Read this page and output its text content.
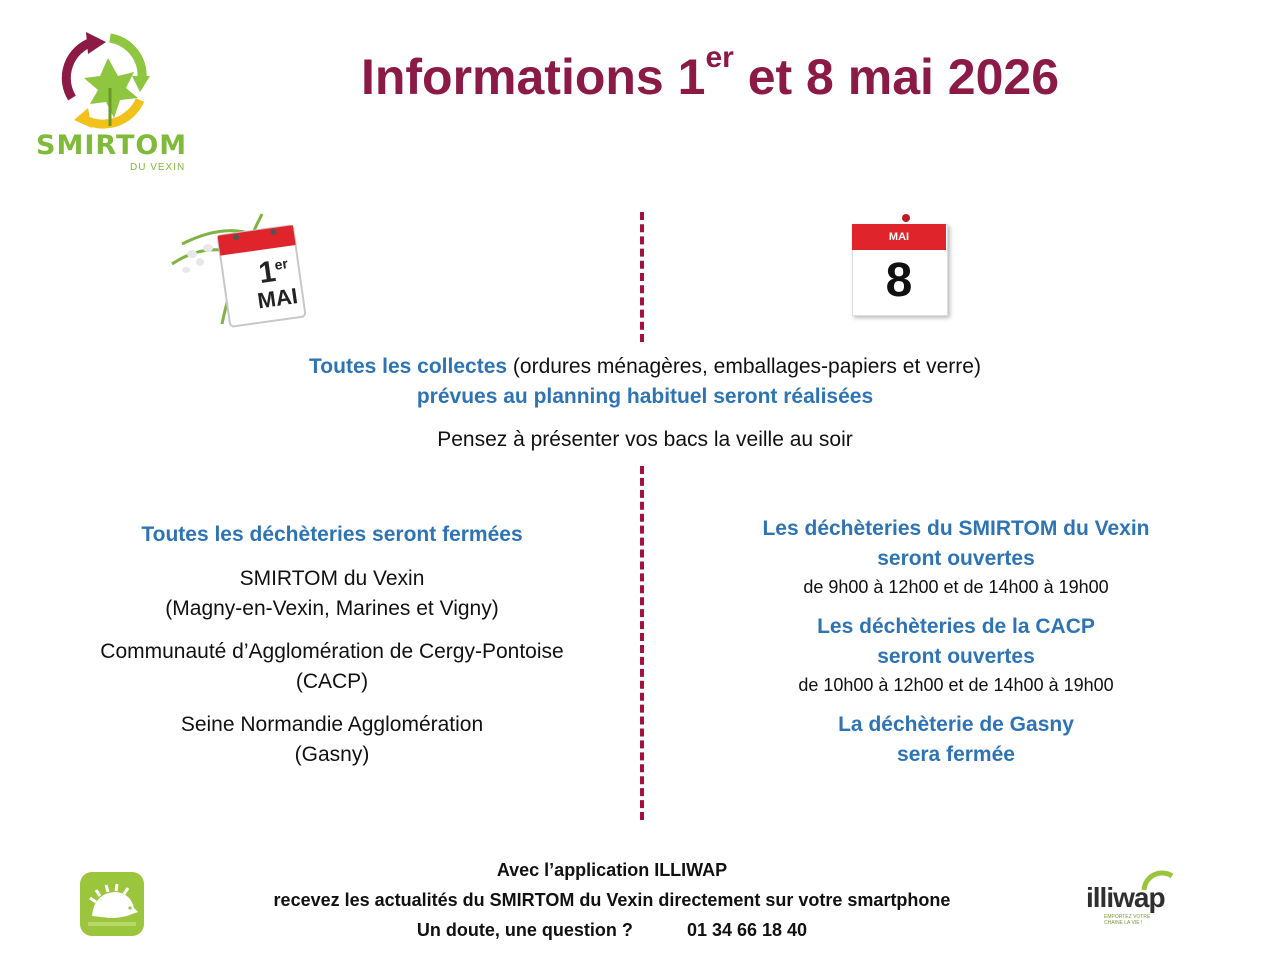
SMIRTOM
DU VEXIN
Informations 1er et 8 mai 2026
1er
MAI
MAI
8
Toutes les collectes (ordures ménagères, emballages-papiers et verre)
prévues au planning habituel seront réalisées
Pensez à présenter vos bacs la veille au soir
Toutes les déchèteries seront fermées
SMIRTOM du Vexin
(Magny-en-Vexin, Marines et Vigny)
Communauté d’Agglomération de Cergy-Pontoise
(CACP)
Seine Normandie Agglomération
(Gasny)
Les déchèteries du SMIRTOM du Vexin
seront ouvertes
de 9h00 à 12h00 et de 14h00 à 19h00
Les déchèteries de la CACP
seront ouvertes
de 10h00 à 12h00 et de 14h00 à 19h00
La déchèterie de Gasny
sera fermée
Avec l’application ILLIWAP
recevez les actualités du SMIRTOM du Vexin directement sur votre smartphone
Un doute, une question ?	01 34 66 18 40
illiwap
EMPORTEZ VOTRE CHAINE LA VIE !
